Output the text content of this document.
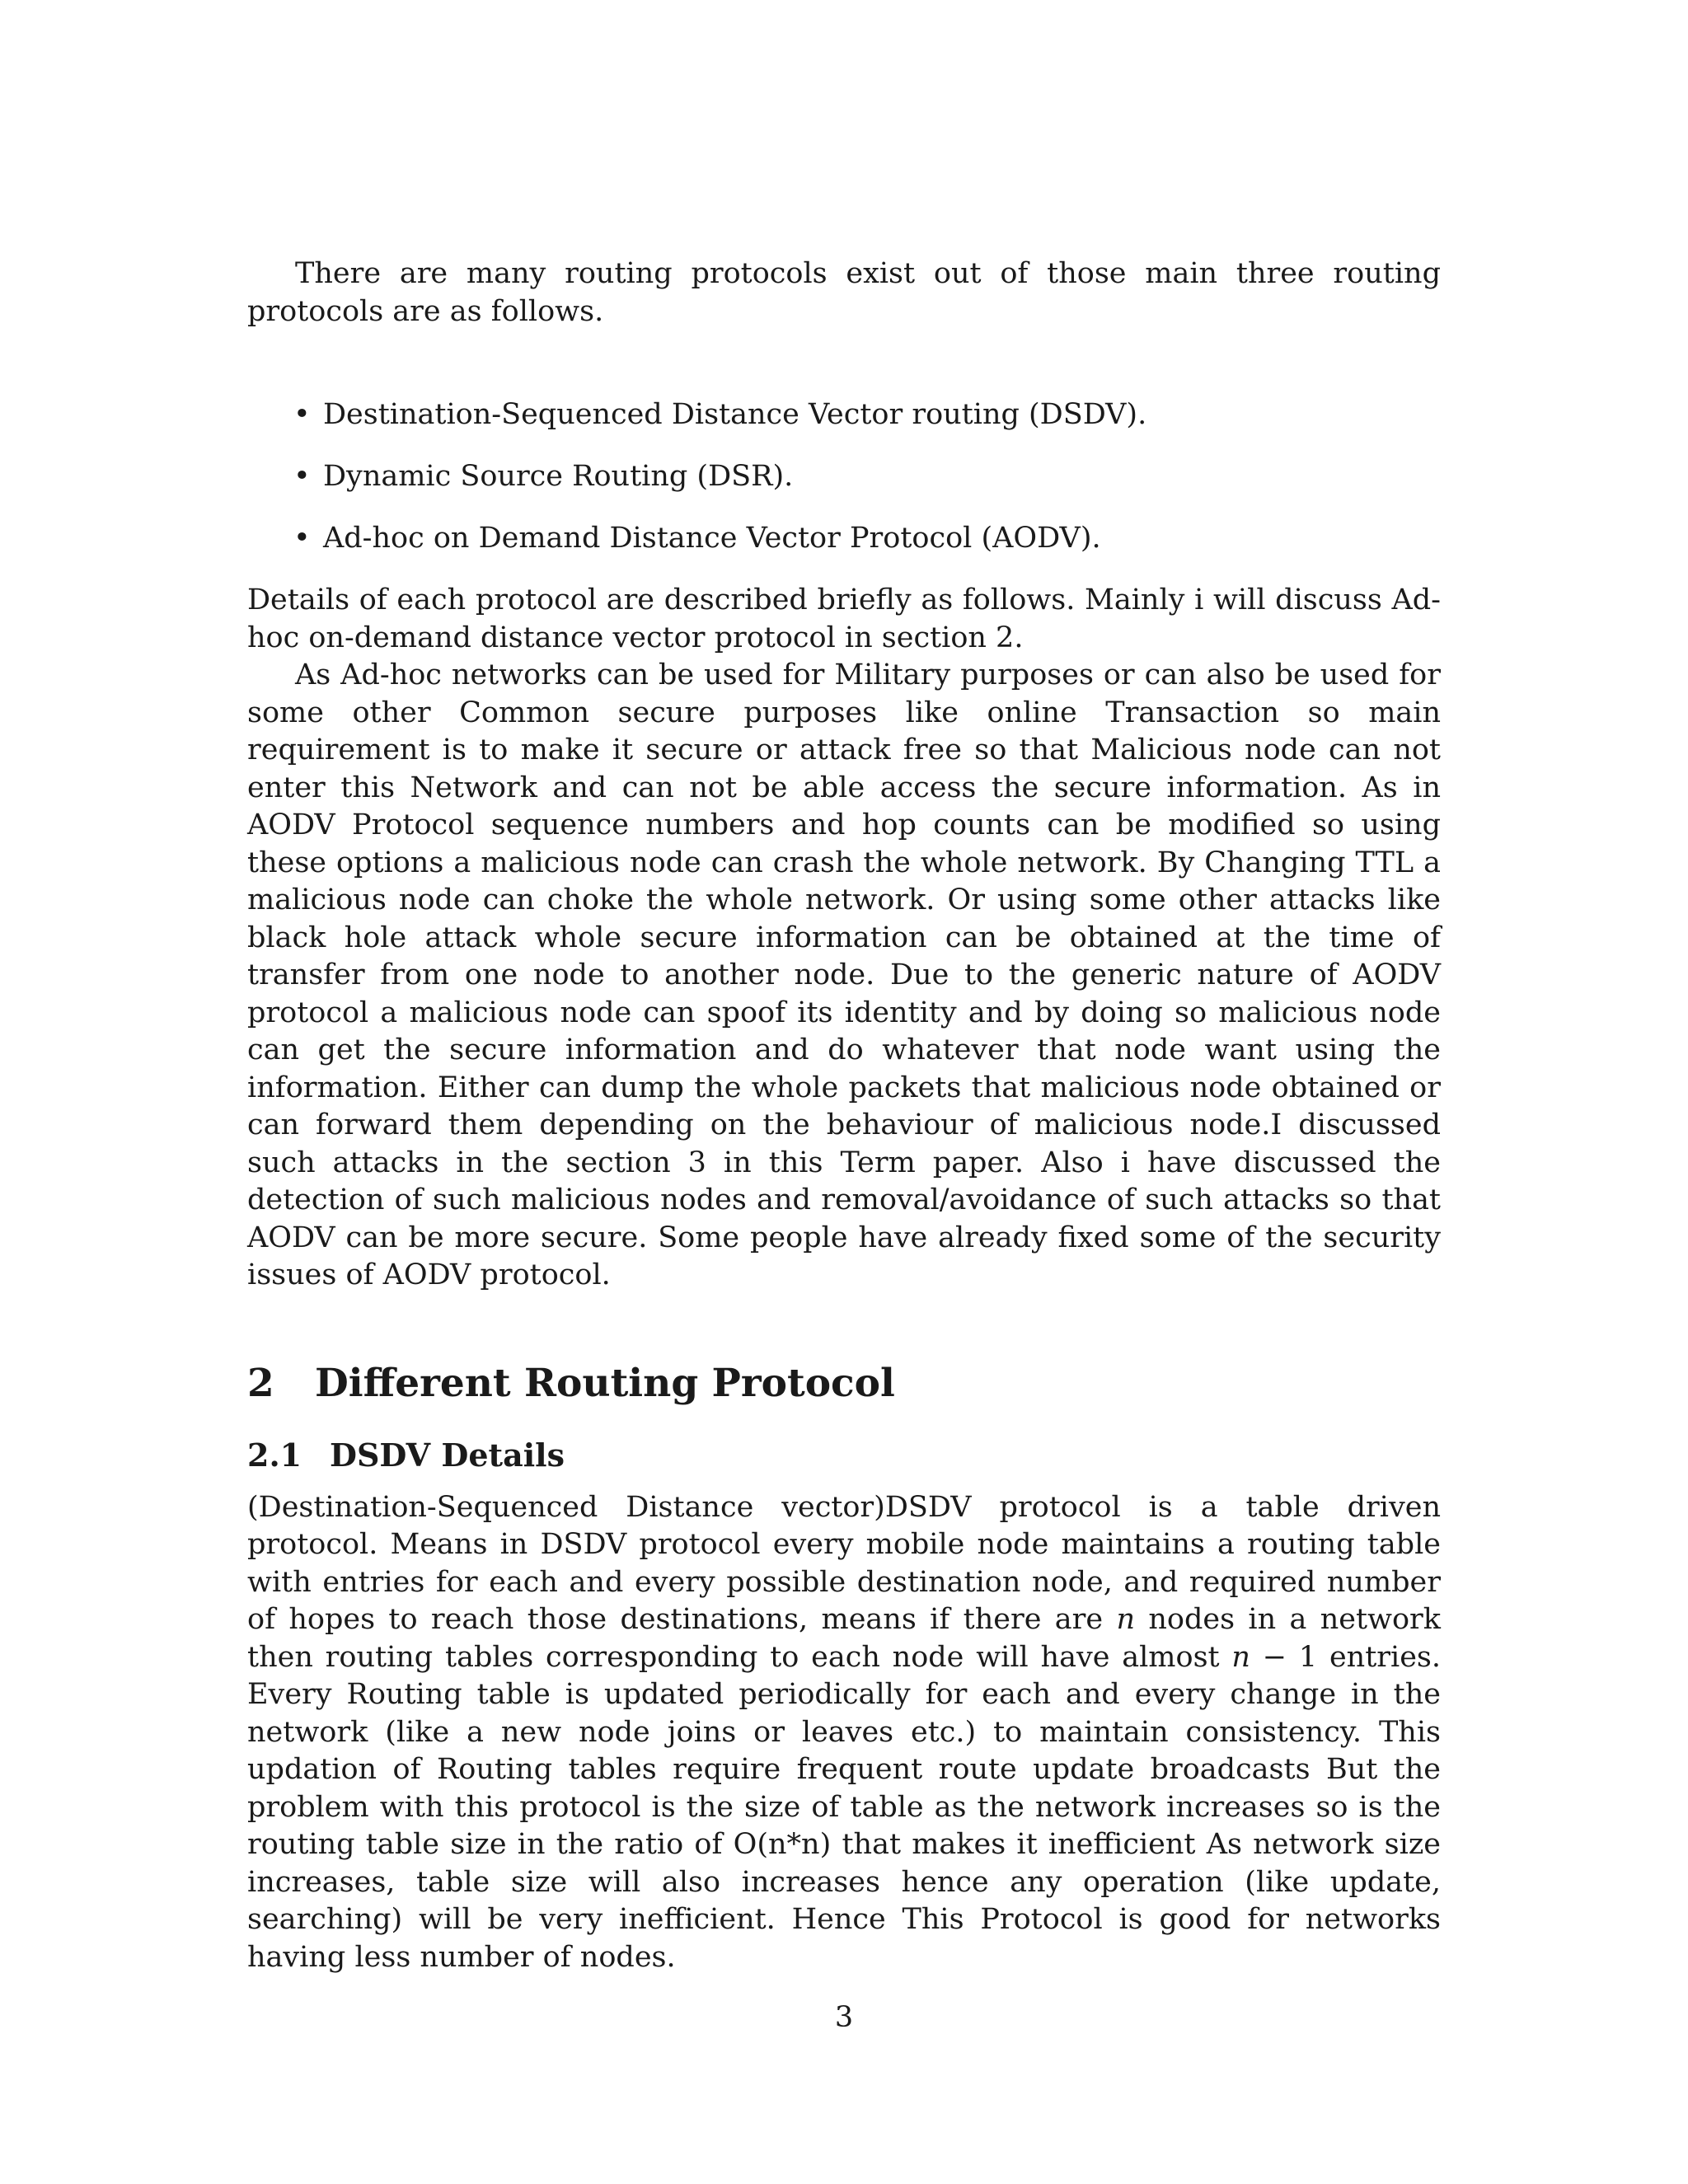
There are many routing protocols exist out of those main three routing protocols are as follows.

• Destination-Sequenced Distance Vector routing (DSDV).
• Dynamic Source Routing (DSR).
• Ad-hoc on Demand Distance Vector Protocol (AODV).

Details of each protocol are described briefly as follows. Mainly i will discuss Ad-hoc on-demand distance vector protocol in section 2.

As Ad-hoc networks can be used for Military purposes or can also be used for some other Common secure purposes like online Transaction so main requirement is to make it secure or attack free so that Malicious node can not enter this Network and can not be able access the secure information. As in AODV Protocol sequence numbers and hop counts can be modified so using these options a malicious node can crash the whole network. By Changing TTL a malicious node can choke the whole network. Or using some other attacks like black hole attack whole secure information can be obtained at the time of transfer from one node to another node. Due to the generic nature of AODV protocol a malicious node can spoof its identity and by doing so malicious node can get the secure information and do whatever that node want using the information. Either can dump the whole packets that malicious node obtained or can forward them depending on the behaviour of malicious node.I discussed such attacks in the section 3 in this Term paper. Also i have discussed the detection of such malicious nodes and removal/avoidance of such attacks so that AODV can be more secure. Some people have already fixed some of the security issues of AODV protocol.

2 Different Routing Protocol
2.1 DSDV Details

(Destination-Sequenced Distance vector)DSDV protocol is a table driven protocol. Means in DSDV protocol every mobile node maintains a routing table with entries for each and every possible destination node, and required number of hopes to reach those destinations, means if there are n nodes in a network then routing tables corresponding to each node will have almost n − 1 entries. Every Routing table is updated periodically for each and every change in the network (like a new node joins or leaves etc.) to maintain consistency. This updation of Routing tables require frequent route update broadcasts But the problem with this protocol is the size of table as the network increases so is the routing table size in the ratio of O(n*n) that makes it inefficient As network size increases, table size will also increases hence any operation (like update, searching) will be very inefficient. Hence This Protocol is good for networks having less number of nodes.

3
